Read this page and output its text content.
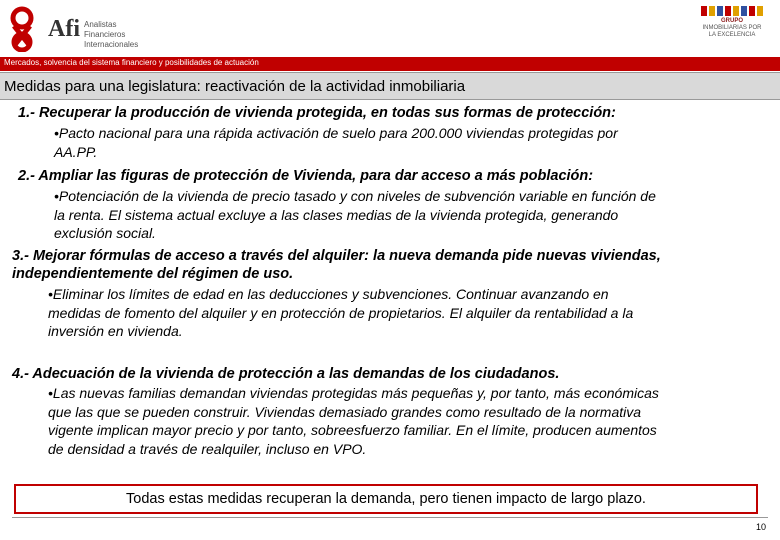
Afi Analistas Financieros
Internacionales
GRUPO
INMOBILIARIAS POR
LA EXCELENCIA
Mercados, solvencia del sistema financiero y posibilidades de actuación
Medidas para una legislatura: reactivación de la actividad inmobiliaria
1.- Recuperar la producción de vivienda protegida, en todas sus formas de protección:
•Pacto nacional para una rápida activación de suelo para 200.000 viviendas protegidas por
AA.PP.
2.- Ampliar las figuras de protección de Vivienda, para dar acceso a más población:
•Potenciación de la vivienda de precio tasado y con niveles de subvención variable en función de
la renta. El sistema actual excluye a las clases medias de la vivienda protegida, generando
exclusión social.
3.- Mejorar fórmulas de acceso a través del alquiler: la nueva demanda pide nuevas viviendas,
independientemente del régimen de uso.
•Eliminar los límites de edad en las deducciones y subvenciones. Continuar avanzando en
medidas de fomento del alquiler y en protección de propietarios. El alquiler da rentabilidad a la
inversión en vivienda.
4.- Adecuación de la vivienda de protección a las demandas de los ciudadanos.
•Las nuevas familias demandan viviendas protegidas más pequeñas y, por tanto, más económicas
que las que se pueden construir. Viviendas demasiado grandes como resultado de la normativa
vigente implican mayor precio y por tanto, sobreesfuerzo familiar. En el límite, producen aumentos
de densidad a través de realquiler, incluso en VPO.
Todas estas medidas recuperan la demanda, pero tienen impacto de largo plazo.
10
